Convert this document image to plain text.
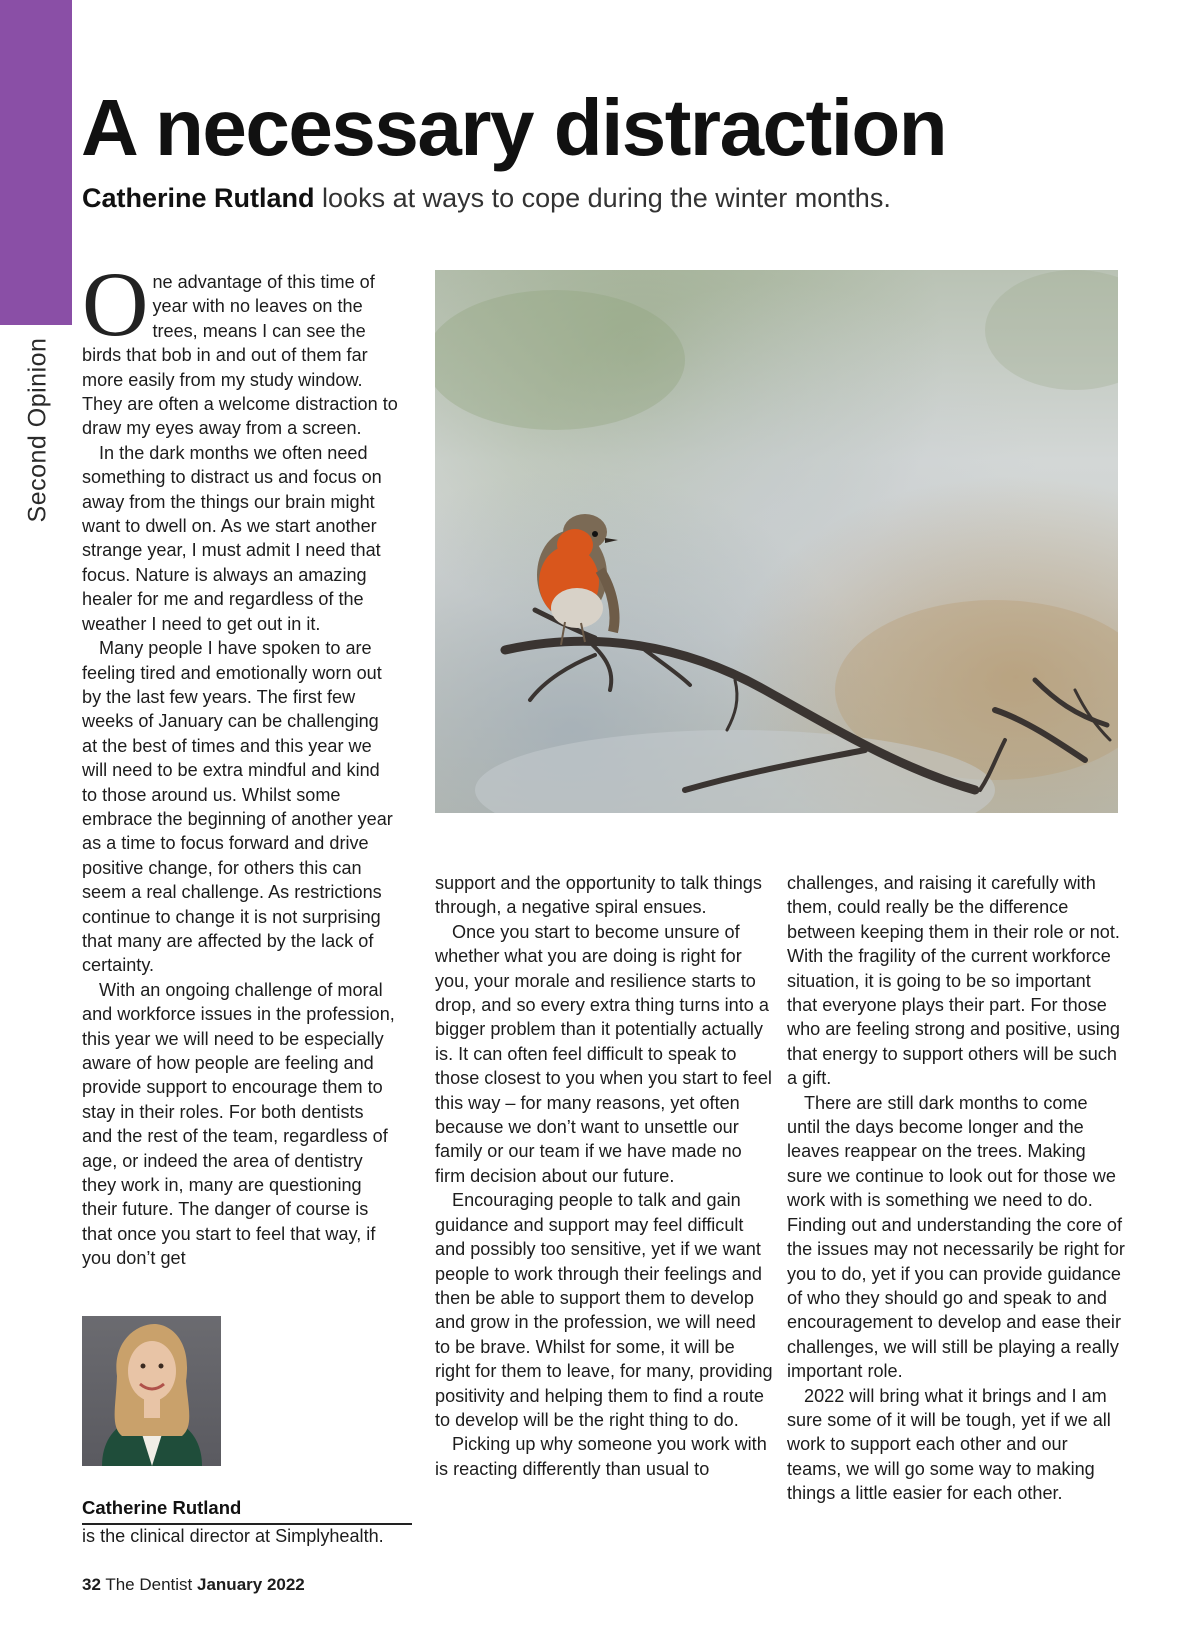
Second Opinion
A necessary distraction
Catherine Rutland looks at ways to cope during the winter months.

One advantage of this time of year with no leaves on the trees, means I can see the birds that bob in and out of them far more easily from my study window. They are often a welcome distraction to draw my eyes away from a screen.

In the dark months we often need something to distract us and focus on away from the things our brain might want to dwell on. As we start another strange year, I must admit I need that focus. Nature is always an amazing healer for me and regardless of the weather I need to get out in it.

Many people I have spoken to are feeling tired and emotionally worn out by the last few years. The first few weeks of January can be challenging at the best of times and this year we will need to be extra mindful and kind to those around us. Whilst some embrace the beginning of another year as a time to focus forward and drive positive change, for others this can seem a real challenge. As restrictions continue to change it is not surprising that many are affected by the lack of certainty.

With an ongoing challenge of moral and workforce issues in the profession, this year we will need to be especially aware of how people are feeling and provide support to encourage them to stay in their roles. For both dentists and the rest of the team, regardless of age, or indeed the area of dentistry they work in, many are questioning their future. The danger of course is that once you start to feel that way, if you don’t get

support and the opportunity to talk things through, a negative spiral ensues.

Once you start to become unsure of whether what you are doing is right for you, your morale and resilience starts to drop, and so every extra thing turns into a bigger problem than it potentially actually is. It can often feel difficult to speak to those closest to you when you start to feel this way – for many reasons, yet often because we don’t want to unsettle our family or our team if we have made no firm decision about our future.

Encouraging people to talk and gain guidance and support may feel difficult and possibly too sensitive, yet if we want people to work through their feelings and then be able to support them to develop and grow in the profession, we will need to be brave. Whilst for some, it will be right for them to leave, for many, providing positivity and helping them to find a route to develop will be the right thing to do.

Picking up why someone you work with is reacting differently than usual to

challenges, and raising it carefully with them, could really be the difference between keeping them in their role or not. With the fragility of the current workforce situation, it is going to be so important that everyone plays their part. For those who are feeling strong and positive, using that energy to support others will be such a gift.

There are still dark months to come until the days become longer and the leaves reappear on the trees. Making sure we continue to look out for those we work with is something we need to do. Finding out and understanding the core of the issues may not necessarily be right for you to do, yet if you can provide guidance of who they should go and speak to and encouragement to develop and ease their challenges, we will still be playing a really important role.

2022 will bring what it brings and I am sure some of it will be tough, yet if we all work to support each other and our teams, we will go some way to making things a little easier for each other.

Catherine Rutland
is the clinical director at Simplyhealth.
32 The Dentist January 2022
